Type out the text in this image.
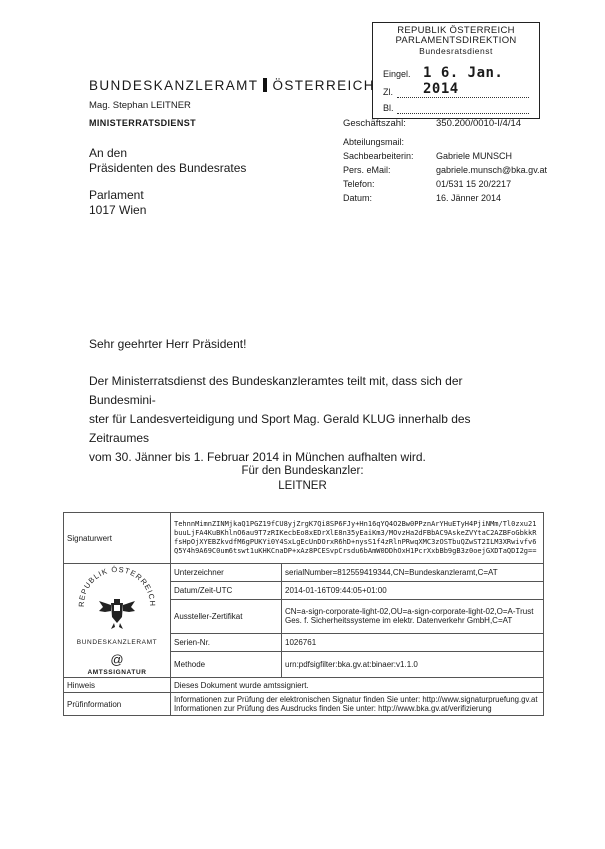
REPUBLIK ÖSTERREICH
PARLAMENTSDIREKTION
Bundesratsdienst
Eingel. 1 6. Jan. 2014
Zl.
Bl.
BUNDESKANZLERAMT ÖSTERREICH
Mag. Stephan LEITNER
MINISTERRATSDIENST	Geschäftszahl:	350.200/0010-I/4/14
Abteilungsmail:
Sachbearbeiterin: Gabriele MUNSCH
Pers. eMail:	gabriele.munsch@bka.gv.at
Telefon:	01/531 15 20/2217
Datum:	16. Jänner 2014
An den
Präsidenten des Bundesrates
Parlament
1017 Wien
Sehr geehrter Herr Präsident!
Der Ministerratsdienst des Bundeskanzleramtes teilt mit, dass sich der Bundesmini-
ster für Landesverteidigung und Sport Mag. Gerald KLUG innerhalb des Zeitraumes
vom 30. Jänner bis 1. Februar 2014 in München aufhalten wird.
Für den Bundeskanzler:
LEITNER
Signaturwert	TehnnMimnZINMjkaQ1PGZ19fCU8yjZrgK7Qi8SP6FJy+Hn16qYQ4O2Bw0PPznArYHuETyH4PjiNMm/Tl0zxu21buuLjFA4KuBKhlnO6au9T7zRIKecbEo8xEDrXlE8n35yEaiKm3/MOvzHa2dFBbAC9AskeZVYtaC2AZBFoGbkkRfsHpOjXYEBZkvdfM6gPUKYi0Y4SxLgEcUnDOrxR6hD+nysS1f4zRlnPRwqXMC3zOSTbuQZwST2ILM3XRwivfv6Q5Y4h9A69C0um6tswt1uKHKCnaDP+xAz8PCESvpCrsdu6bAmW0DDhOxH1PcrXxbBb9gB3z0oejGXDTaQDI2g==	

REPUBLIK ÖSTERREICH
BUNDESKANZLERAMT
@
AMTSSIGNATUR	Unterzeichner	serialNumber=812559419344,CN=Bundeskanzleramt,C=AT
	Datum/Zeit-UTC	2014-01-16T09:44:05+01:00
	Aussteller-Zertifikat	CN=a-sign-corporate-light-02,OU=a-sign-corporate-light-02,O=A-Trust Ges. f. Sicherheitssysteme im elektr. Datenverkehr GmbH,C=AT
	Serien-Nr.	1026761
	Methode	urn:pdfsigfilter:bka.gv.at:binaer:v1.1.0
Hinweis	Dieses Dokument wurde amtssigniert.	
Prüfinformation	Informationen zur Prüfung der elektronischen Signatur finden Sie unter: http://www.signaturpruefung.gv.at
Informationen zur Prüfung des Ausdrucks finden Sie unter: http://www.bka.gv.at/verifizierung	
